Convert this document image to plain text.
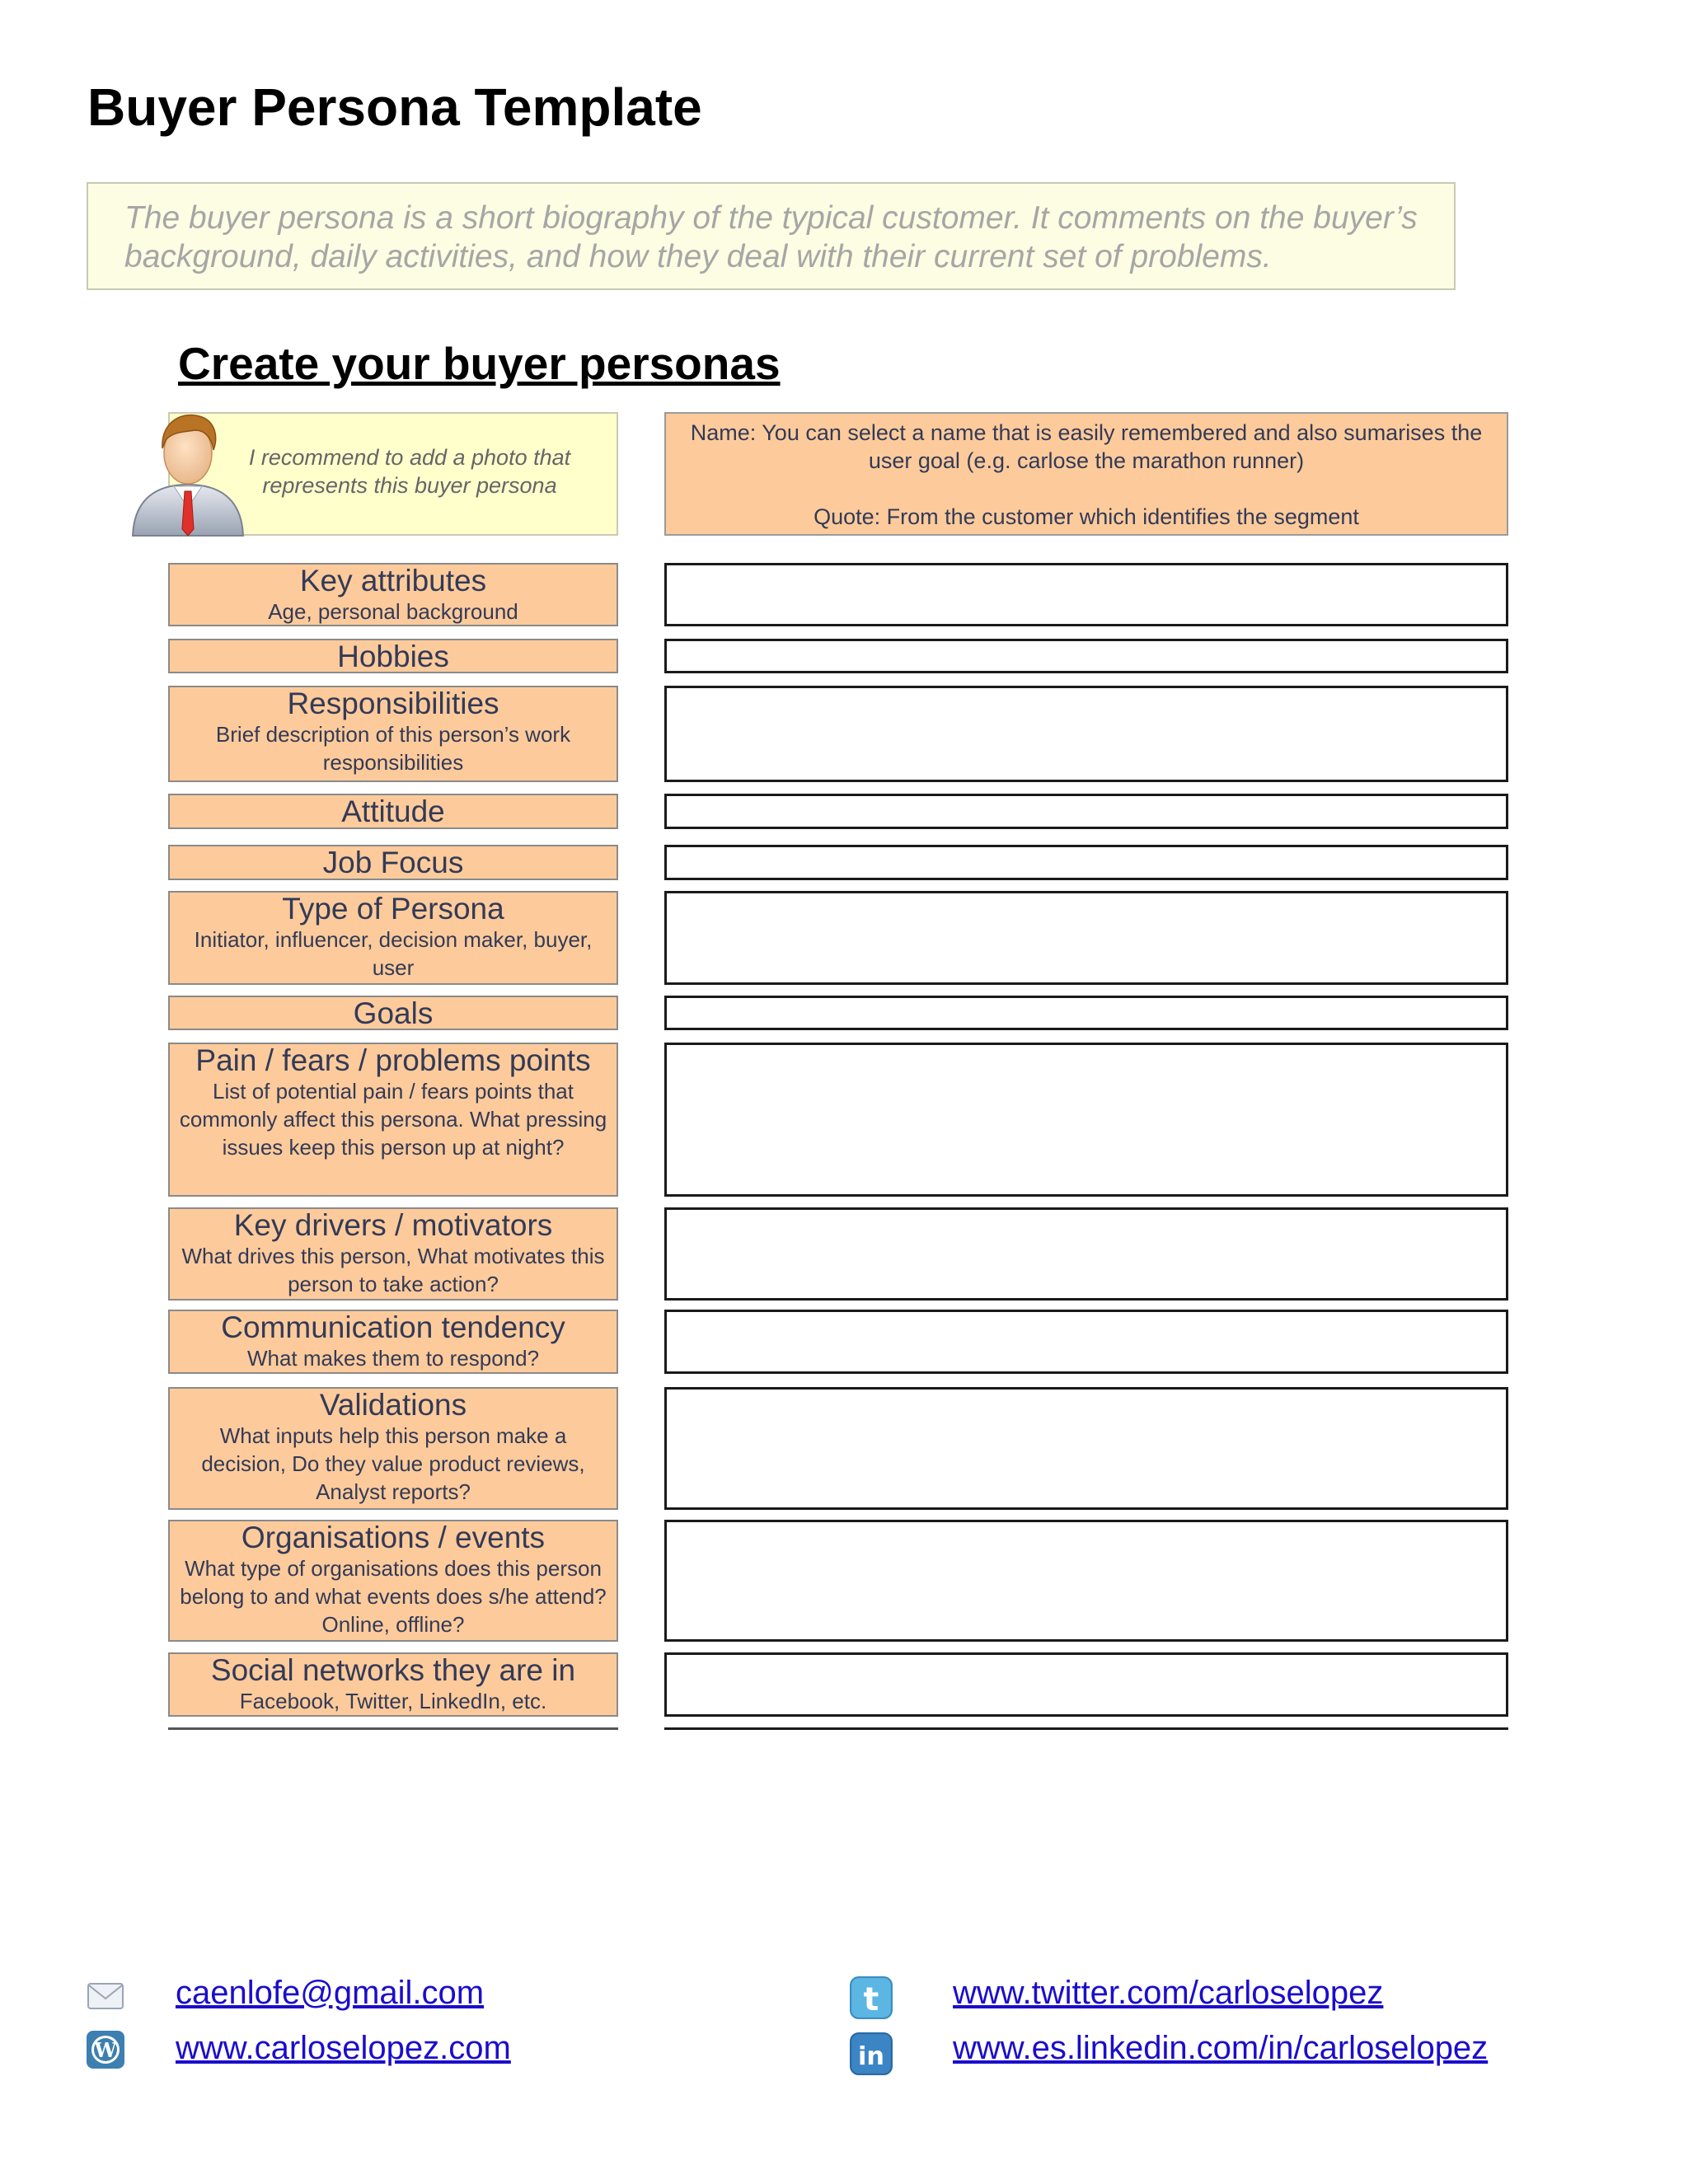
Buyer Persona Template
The buyer persona is a short biography of the typical customer. It comments on the buyer’s background, daily activities, and how they deal with their current set of problems.
Create your buyer personas
I recommend to add a photo that represents this buyer persona
Name: You can select a name that is easily remembered and also sumarises the user goal (e.g. carlose the marathon runner)
Quote: From the customer which identifies the segment
Key attributes
Age, personal background
Hobbies
Responsibilities
Brief description of this person’s work responsibilities
Attitude
Job Focus
Type of Persona
Initiator, influencer, decision maker, buyer, user
Goals
Pain / fears / problems points
List of potential pain / fears points that commonly affect this persona. What pressing issues keep this person up at night?
Key drivers / motivators
What drives this person, What motivates this person to take action?
Communication tendency
What makes them to respond?
Validations
What inputs help this person make a decision, Do they value product reviews, Analyst reports?
Organisations / events
What type of organisations does this person belong to and what events does s/he attend? Online, offline?
Social networks they are in
Facebook, Twitter, LinkedIn, etc.
caenlofe@gmail.com
W www.carloselopez.com
t www.twitter.com/carloselopez
in www.es.linkedin.com/in/carloselopez
